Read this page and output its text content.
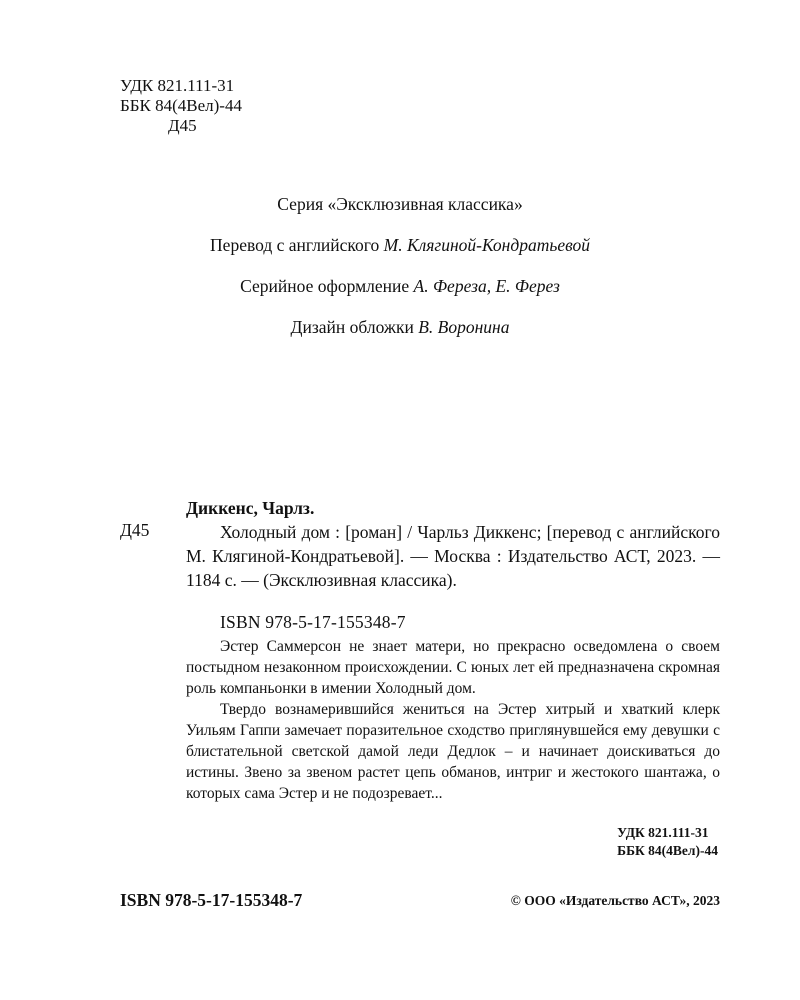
УДК 821.111-31
ББК 84(4Вел)-44
Д45
Серия «Эксклюзивная классика»
Перевод с английского М. Клягиной-Кондратьевой
Серийное оформление А. Фереза, Е. Ферез
Дизайн обложки В. Воронина
Диккенс, Чарлз.
Д45	Холодный дом : [роман] / Чарльз Диккенс; [перевод с английского М. Клягиной-Кондратьевой]. — Москва : Издательство АСТ, 2023. — 1184 с. — (Эксклюзивная классика).
ISBN 978-5-17-155348-7

Эстер Саммерсон не знает матери, но прекрасно осведомлена о своем постыдном незаконном происхождении. С юных лет ей предназначена скромная роль компаньонки в имении Холодный дом.

Твердо вознамерившийся жениться на Эстер хитрый и хваткий клерк Уильям Гаппи замечает поразительное сходство приглянувшейся ему девушки с блистательной светской дамой леди Дедлок – и начинает доискиваться до истины. Звено за звеном растет цепь обманов, интриг и жестокого шантажа, о которых сама Эстер и не подозревает...

УДК 821.111-31
ББК 84(4Вел)-44
ISBN 978-5-17-155348-7	© ООО «Издательство АСТ», 2023
